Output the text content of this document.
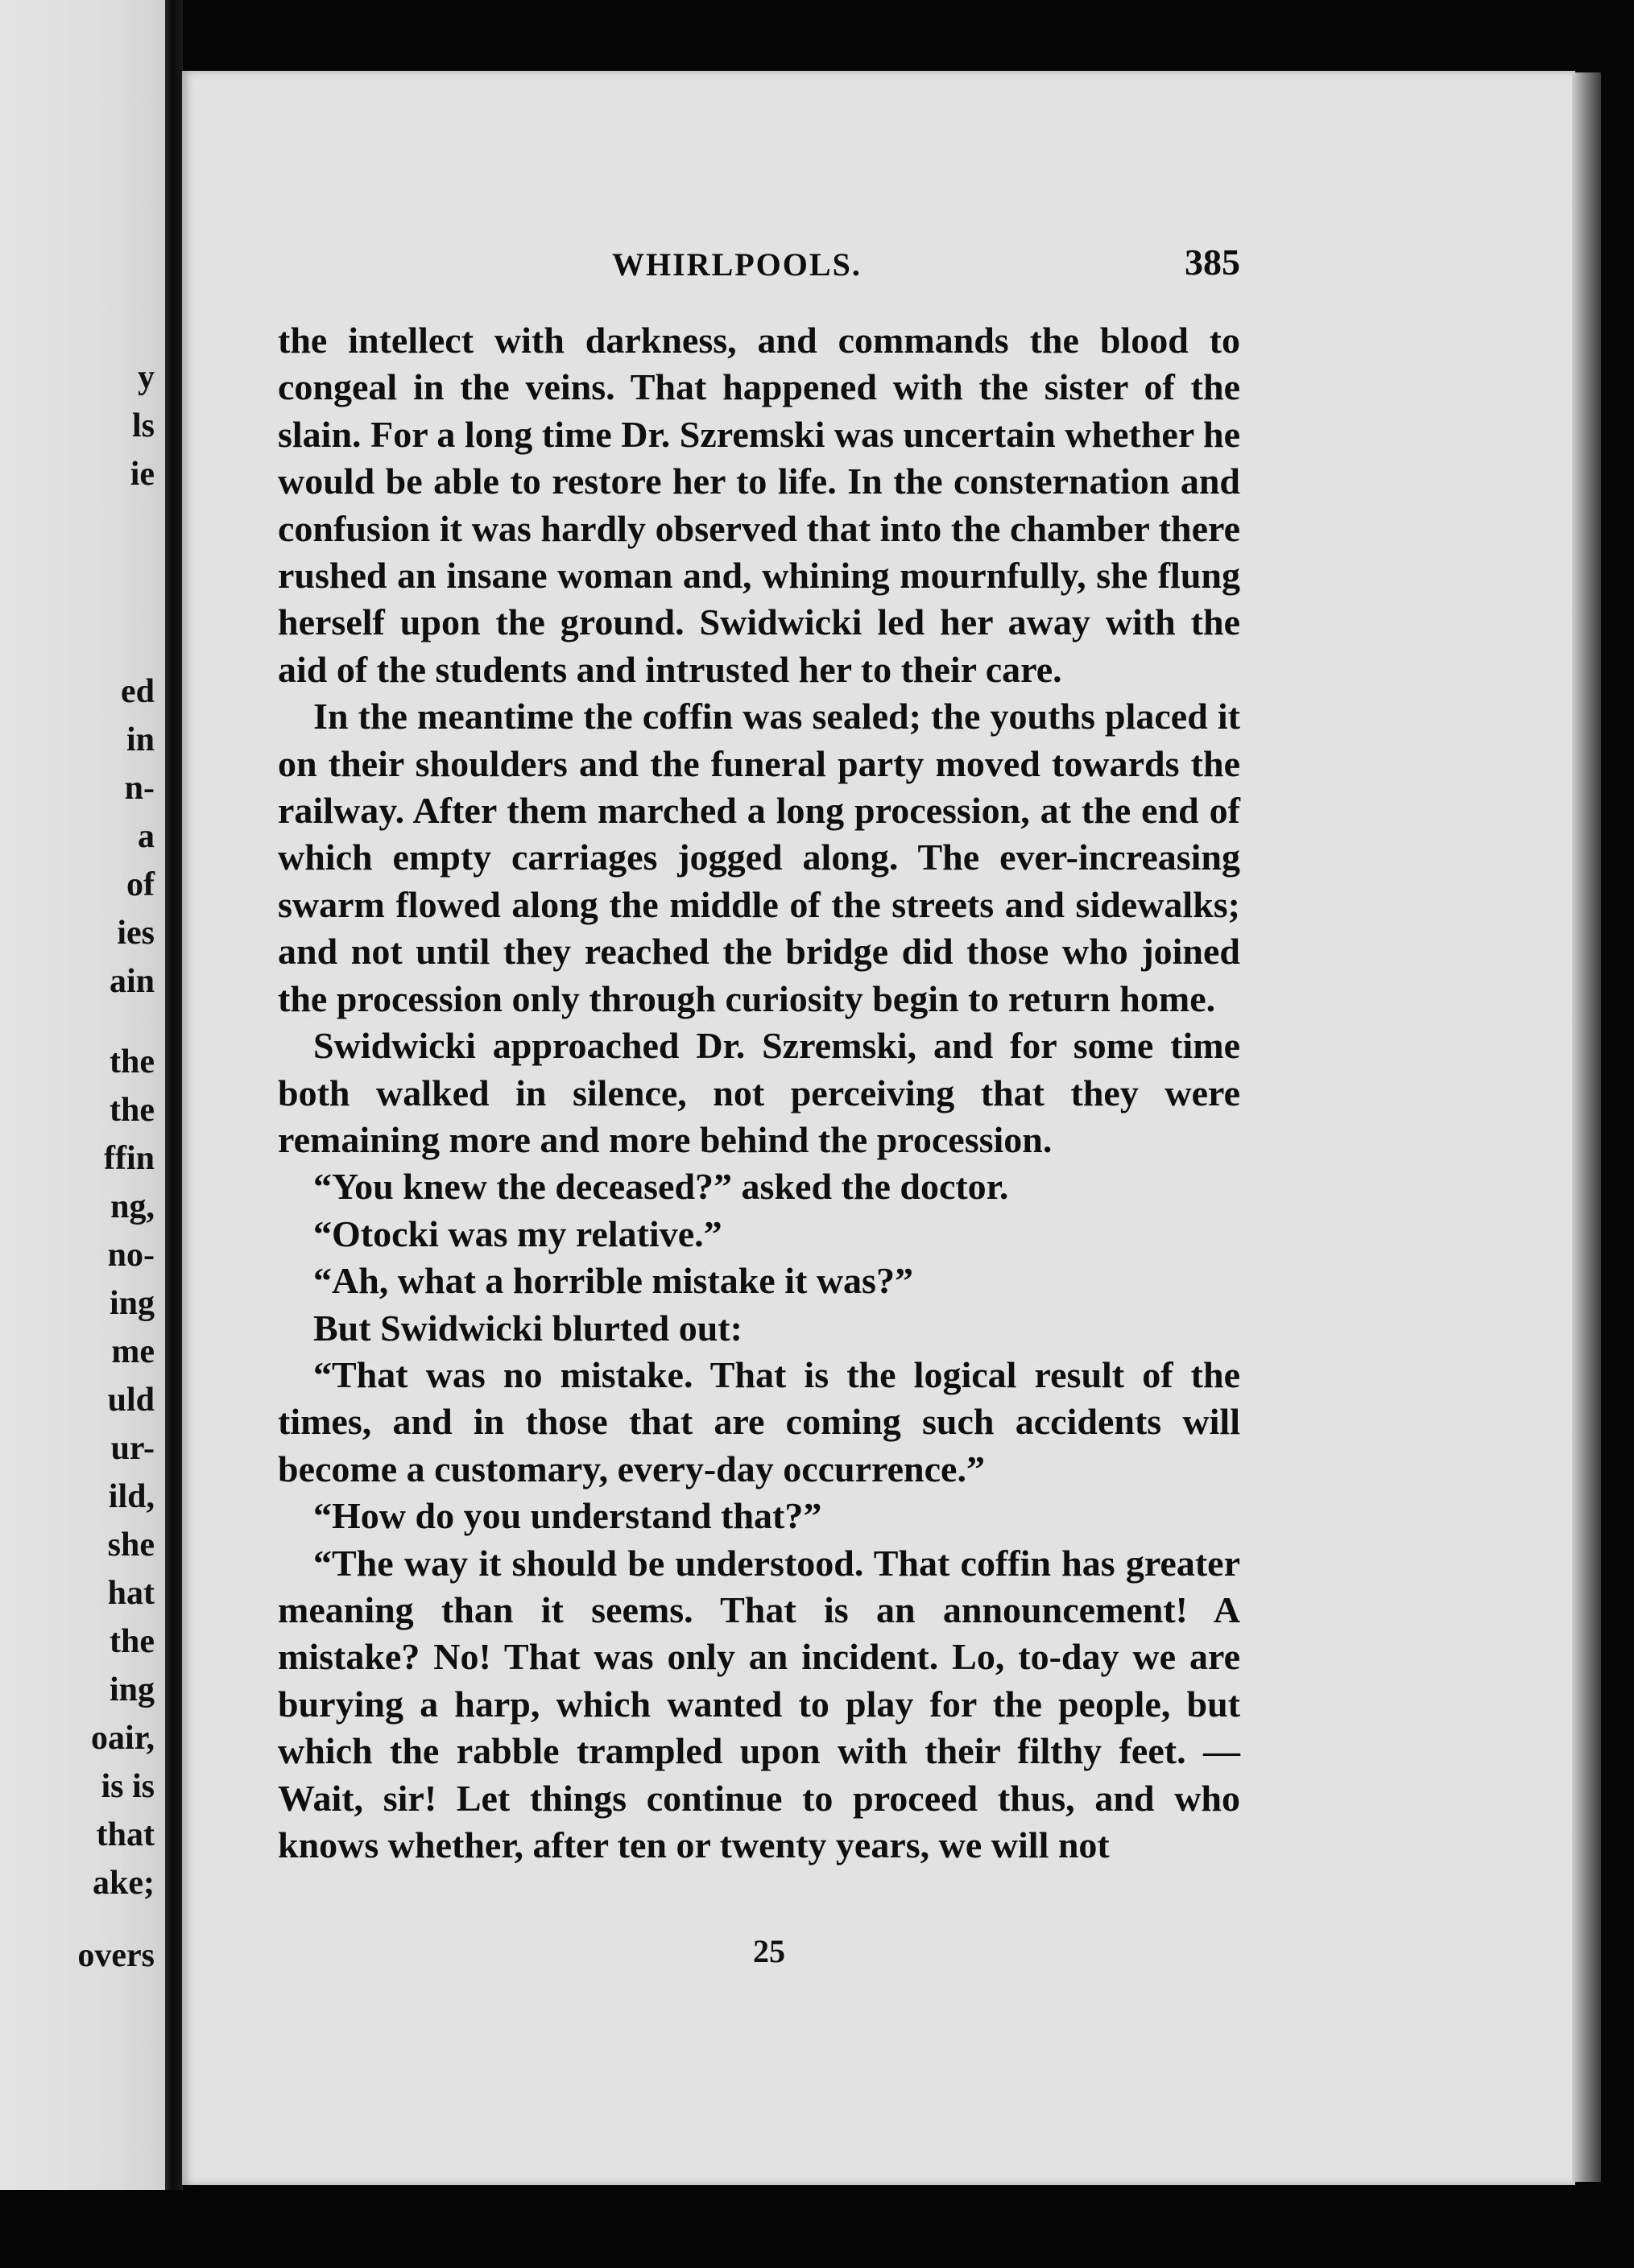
y
ls
ie
ed
in
n-
a
of
ies
ain
the
the
ffin
ng,
no-
ing
me
uld
ur-
ild,
she
hat
the
ing
oair,
is is
that
ake;
overs
WHIRLPOOLS.	385

the intellect with darkness, and commands the blood to congeal in the veins. That happened with the sister of the slain. For a long time Dr. Szremski was uncertain whether he would be able to restore her to life. In the consternation and confusion it was hardly observed that into the chamber there rushed an insane woman and, whining mournfully, she flung herself upon the ground. Swidwicki led her away with the aid of the students and intrusted her to their care.

In the meantime the coffin was sealed; the youths placed it on their shoulders and the funeral party moved towards the railway. After them marched a long procession, at the end of which empty carriages jogged along. The ever-increasing swarm flowed along the middle of the streets and sidewalks; and not until they reached the bridge did those who joined the procession only through curiosity begin to return home.

Swidwicki approached Dr. Szremski, and for some time both walked in silence, not perceiving that they were remaining more and more behind the procession.

“You knew the deceased?” asked the doctor.

“Otocki was my relative.”

“Ah, what a horrible mistake it was?”

But Swidwicki blurted out:

“That was no mistake. That is the logical result of the times, and in those that are coming such accidents will become a customary, every-day occurrence.”

“How do you understand that?”

“The way it should be understood. That coffin has greater meaning than it seems. That is an announcement! A mistake? No! That was only an incident. Lo, to-day we are burying a harp, which wanted to play for the people, but which the rabble trampled upon with their filthy feet. — Wait, sir! Let things continue to proceed thus, and who knows whether, after ten or twenty years, we will not

25
